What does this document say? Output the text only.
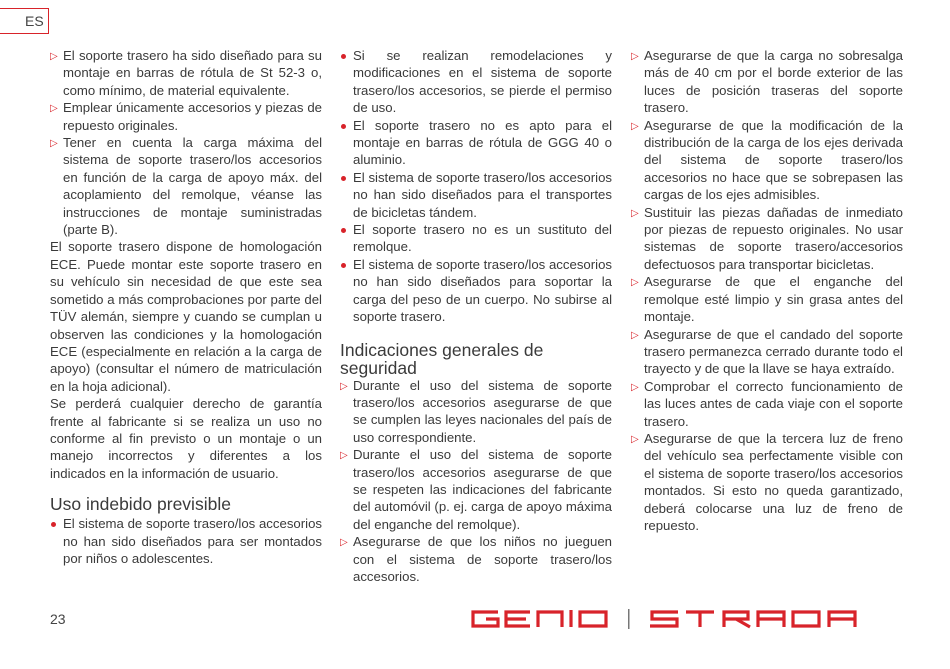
ES
▷ El soporte trasero ha sido diseñado para su montaje en barras de rótula de St 52-3 o, como mínimo, de material equivalente.
▷ Emplear únicamente accesorios y piezas de repuesto originales.
▷ Tener en cuenta la carga máxima del sistema de soporte trasero/los accesorios en función de la carga de apoyo máx. del acoplamiento del remolque, véanse las instrucciones de montaje suministradas (parte B).

El soporte trasero dispone de homologación ECE. Puede montar este soporte trasero en su vehículo sin necesidad de que este sea sometido a más comprobaciones por parte del TÜV alemán, siempre y cuando se cumplan u observen las condiciones y la homologación ECE (especialmente en relación a la carga de apoyo) (consultar el número de matriculación en la hoja adicional).

Se perderá cualquier derecho de garantía frente al fabricante si se realiza un uso no conforme al fin previsto o un montaje o un manejo incorrectos y diferentes a los indicados en la información de usuario.

Uso indebido previsible
El sistema de soporte trasero/los accesorios no han sido diseñados para ser montados por niños o adolescentes.
Si se realizan remodelaciones y modificaciones en el sistema de soporte trasero/los accesorios, se pierde el permiso de uso.
El soporte trasero no es apto para el montaje en barras de rótula de GGG 40 o aluminio.
El sistema de soporte trasero/los accesorios no han sido diseñados para el transportes de bicicletas tándem.
El soporte trasero no es un sustituto del remolque.
El sistema de soporte trasero/los accesorios no han sido diseñados para soportar la carga del peso de un cuerpo. No subirse al soporte trasero.
Indicaciones generales de seguridad
▷ Durante el uso del sistema de soporte trasero/los accesorios asegurarse de que se cumplen las leyes nacionales del país de uso correspondiente.
▷ Durante el uso del sistema de soporte trasero/los accesorios asegurarse de que se respeten las indicaciones del fabricante del automóvil (p. ej. carga de apoyo máxima del enganche del remolque).
▷ Asegurarse de que los niños no jueguen con el sistema de soporte trasero/los accesorios.
▷ Asegurarse de que la carga no sobresalga más de 40 cm por el borde exterior de las luces de posición traseras del soporte trasero.
▷ Asegurarse de que la modificación de la distribución de la carga de los ejes derivada del sistema de soporte trasero/los accesorios no hace que se sobrepasen las cargas de los ejes admisibles.
▷ Sustituir las piezas dañadas de inmediato por piezas de repuesto originales. No usar sistemas de soporte trasero/accesorios defectuosos para transportar bicicletas.
▷ Asegurarse de que el enganche del remolque esté limpio y sin grasa antes del montaje.
▷ Asegurarse de que el candado del soporte trasero permanezca cerrado durante todo el trayecto y de que la llave se haya extraído.
▷ Comprobar el correcto funcionamiento de las luces antes de cada viaje con el soporte trasero.
▷ Asegurarse de que la tercera luz de freno del vehículo sea perfectamente visible con el sistema de soporte trasero/los accesorios montados. Si esto no queda garantizado, deberá colocarse una luz de freno de repuesto.
23
